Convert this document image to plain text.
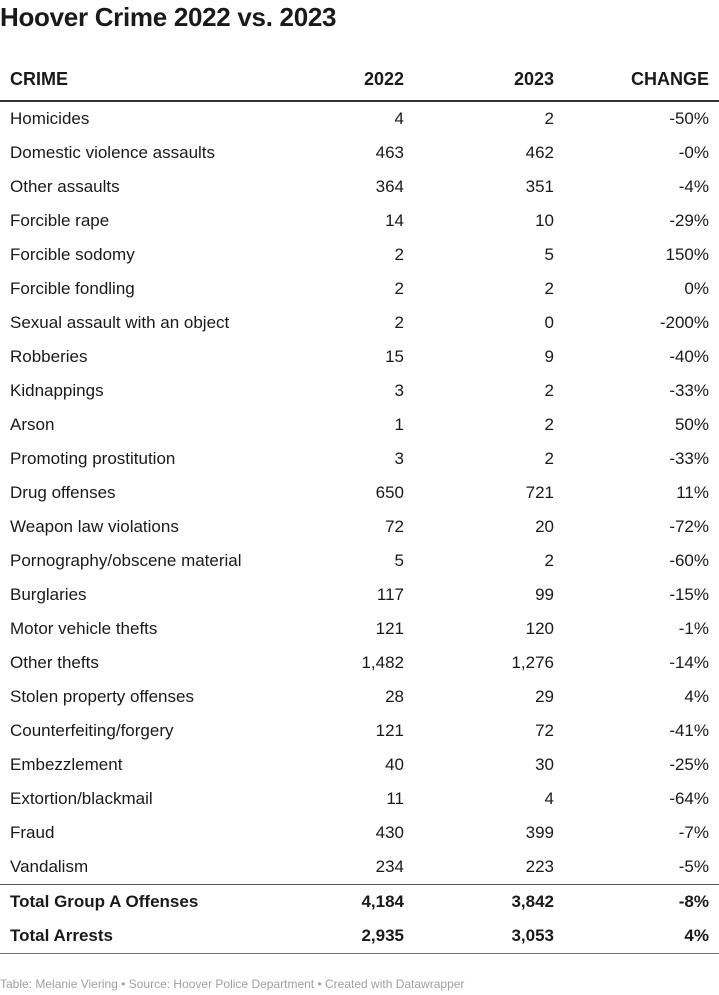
Hoover Crime 2022 vs. 2023
CRIME	2022	2023	CHANGE
Homicides	4	2	-50%
Domestic violence assaults	463	462	-0%
Other assaults	364	351	-4%
Forcible rape	14	10	-29%
Forcible sodomy	2	5	150%
Forcible fondling	2	2	0%
Sexual assault with an object	2	0	-200%
Robberies	15	9	-40%
Kidnappings	3	2	-33%
Arson	1	2	50%
Promoting prostitution	3	2	-33%
Drug offenses	650	721	11%
Weapon law violations	72	20	-72%
Pornography/obscene material	5	2	-60%
Burglaries	117	99	-15%
Motor vehicle thefts	121	120	-1%
Other thefts	1,482	1,276	-14%
Stolen property offenses	28	29	4%
Counterfeiting/forgery	121	72	-41%
Embezzlement	40	30	-25%
Extortion/blackmail	11	4	-64%
Fraud	430	399	-7%
Vandalism	234	223	-5%
Total Group A Offenses	4,184	3,842	-8%
Total Arrests	2,935	3,053	4%
Table: Melanie Viering • Source: Hoover Police Department • Created with Datawrapper
